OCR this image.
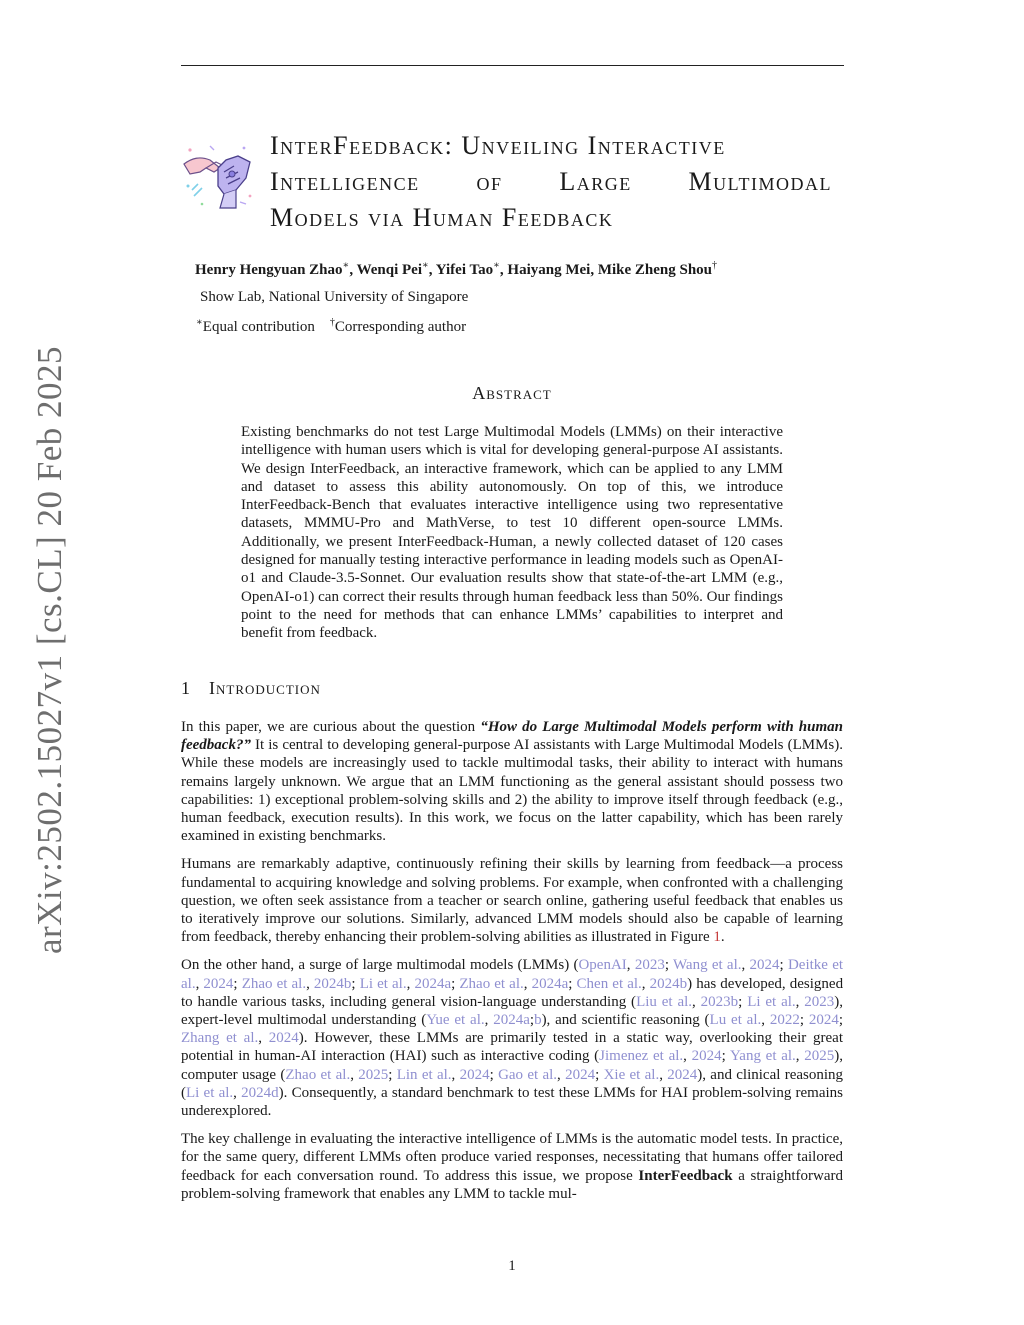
arXiv:2502.15027v1 [cs.CL] 20 Feb 2025
InterFeedback: Unveiling Interactive
Intelligence of Large Multimodal
Models via Human Feedback
Henry Hengyuan Zhao∗, Wenqi Pei∗, Yifei Tao∗, Haiyang Mei, Mike Zheng Shou†
Show Lab, National University of Singapore
∗Equal contribution †Corresponding author
Abstract
Existing benchmarks do not test Large Multimodal Models (LMMs) on their interactive intelligence with human users which is vital for developing general-purpose AI assistants. We design InterFeedback, an interactive framework, which can be applied to any LMM and dataset to assess this ability autonomously. On top of this, we introduce InterFeedback-Bench that evaluates interactive intelligence using two representative datasets, MMMU-Pro and MathVerse, to test 10 different open-source LMMs. Additionally, we present InterFeedback-Human, a newly collected dataset of 120 cases designed for manually testing interactive performance in leading models such as OpenAI-o1 and Claude-3.5-Sonnet. Our evaluation results show that state-of-the-art LMM (e.g., OpenAI-o1) can correct their results through human feedback less than 50%. Our findings point to the need for methods that can enhance LMMs’ capabilities to interpret and benefit from feedback.
1 Introduction

In this paper, we are curious about the question “How do Large Multimodal Models perform with human feedback?” It is central to developing general-purpose AI assistants with Large Multimodal Models (LMMs). While these models are increasingly used to tackle multimodal tasks, their ability to interact with humans remains largely unknown. We argue that an LMM functioning as the general assistant should possess two capabilities: 1) exceptional problem-solving skills and 2) the ability to improve itself through feedback (e.g., human feedback, execution results). In this work, we focus on the latter capability, which has been rarely examined in existing benchmarks.

Humans are remarkably adaptive, continuously refining their skills by learning from feedback—a process fundamental to acquiring knowledge and solving problems. For example, when confronted with a challenging question, we often seek assistance from a teacher or search online, gathering useful feedback that enables us to iteratively improve our solutions. Similarly, advanced LMM models should also be capable of learning from feedback, thereby enhancing their problem-solving abilities as illustrated in Figure 1.

On the other hand, a surge of large multimodal models (LMMs) (OpenAI, 2023; Wang et al., 2024; Deitke et al., 2024; Zhao et al., 2024b; Li et al., 2024a; Zhao et al., 2024a; Chen et al., 2024b) has developed, designed to handle various tasks, including general vision-language understanding (Liu et al., 2023b; Li et al., 2023), expert-level multimodal understanding (Yue et al., 2024a;b), and scientific reasoning (Lu et al., 2022; 2024; Zhang et al., 2024). However, these LMMs are primarily tested in a static way, overlooking their great potential in human-AI interaction (HAI) such as interactive coding (Jimenez et al., 2024; Yang et al., 2025), computer usage (Zhao et al., 2025; Lin et al., 2024; Gao et al., 2024; Xie et al., 2024), and clinical reasoning (Li et al., 2024d). Consequently, a standard benchmark to test these LMMs for HAI problem-solving remains underexplored.

The key challenge in evaluating the interactive intelligence of LMMs is the automatic model tests. In practice, for the same query, different LMMs often produce varied responses, necessitating that humans offer tailored feedback for each conversation round. To address this issue, we propose InterFeedback a straightforward problem-solving framework that enables any LMM to tackle mul-

1
